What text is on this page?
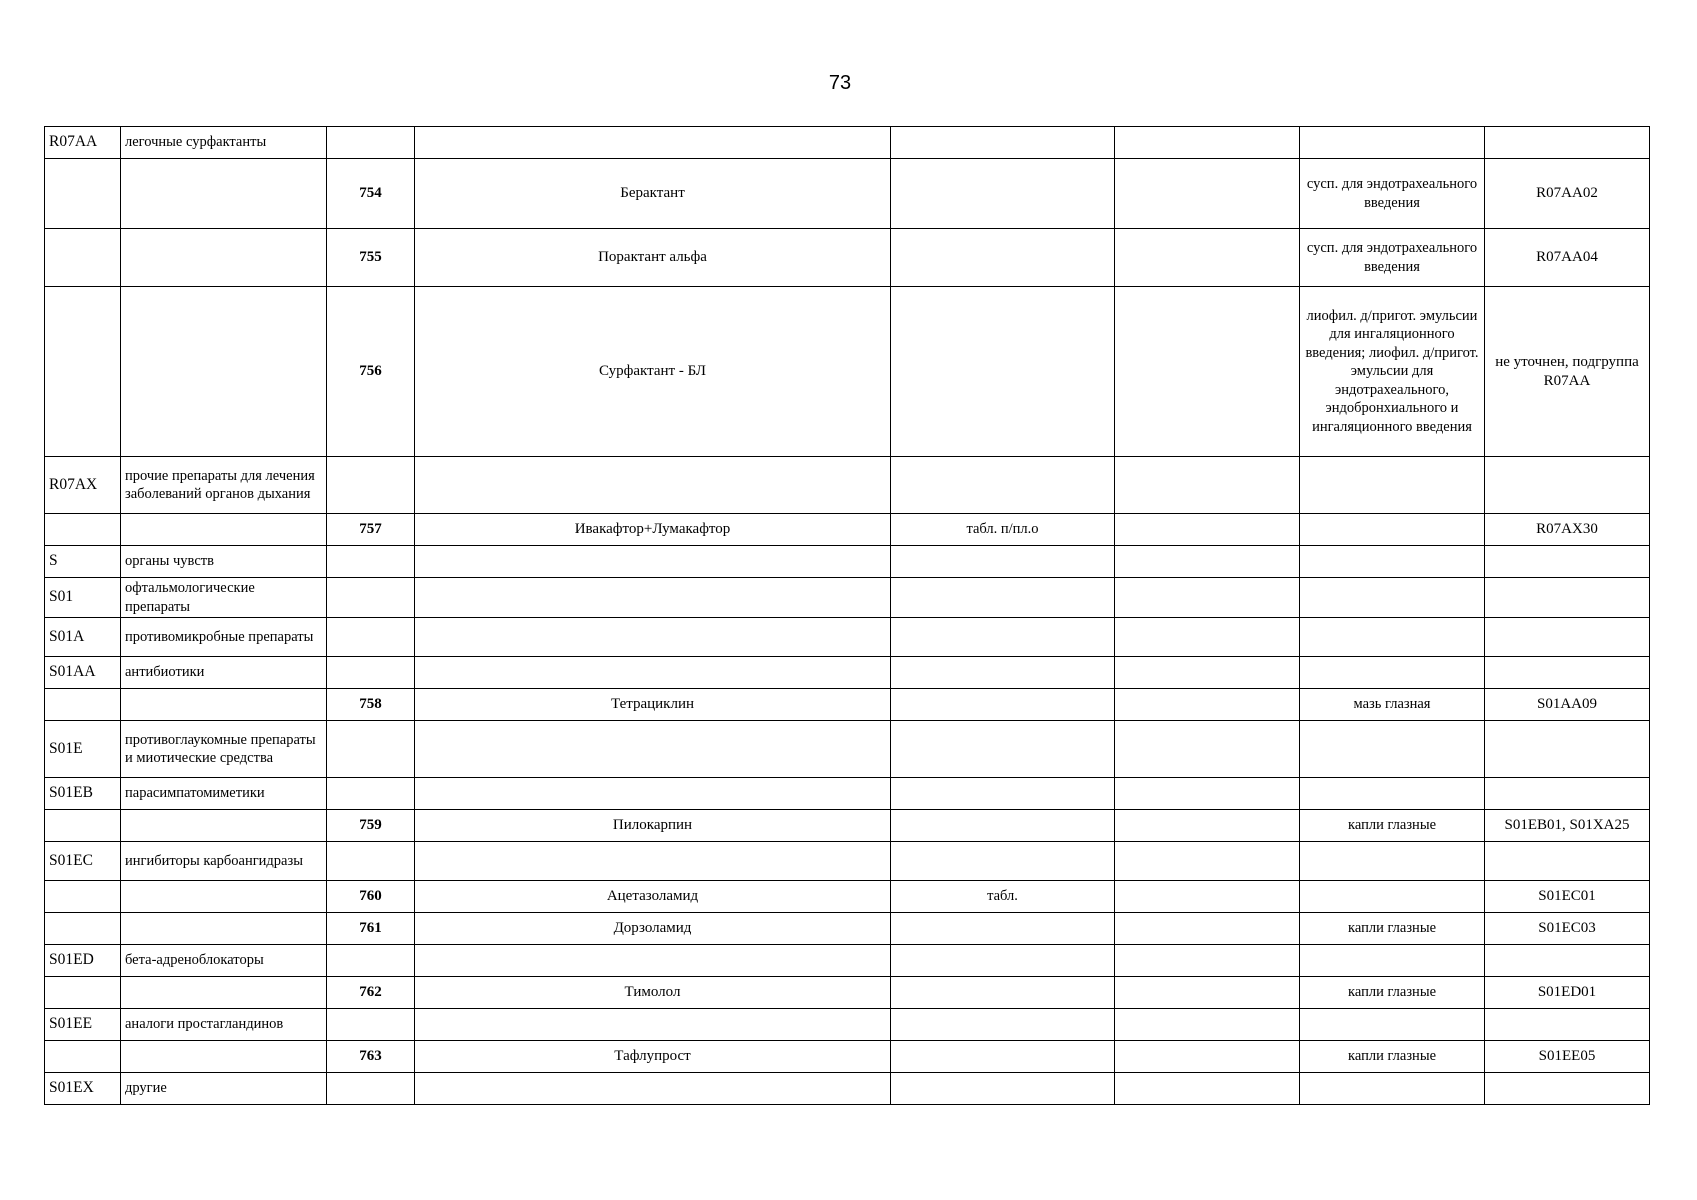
73
R07AA	легочные сурфактанты						
		754	Берактант			сусп. для эндотрахеального введения	R07AA02
		755	Порактант альфа			сусп. для эндотрахеального введения	R07AA04
		756	Сурфактант - БЛ			лиофил. д/пригот. эмульсии для ингаляционного введения; лиофил. д/пригот. эмульсии для эндотрахеального, эндобронхиального и ингаляционного введения	не уточнен, подгруппа R07AA
R07AX	прочие препараты для лечения заболеваний органов дыхания						
		757	Ивакафтор+Лумакафтор	табл. п/пл.о			R07AX30
S	органы чувств						
S01	офтальмологические препараты						
S01A	противомикробные препараты						
S01AA	антибиотики						
		758	Тетрациклин			мазь глазная	S01AA09
S01E	противоглаукомные препараты и миотические средства						
S01EB	парасимпатомиметики						
		759	Пилокарпин			капли глазные	S01EB01, S01XA25
S01EC	ингибиторы карбоангидразы						
		760	Ацетазоламид	табл.			S01EC01
		761	Дорзоламид			капли глазные	S01EC03
S01ED	бета-адреноблокаторы						
		762	Тимолол			капли глазные	S01ED01
S01EE	аналоги простагландинов						
		763	Тафлупрост			капли глазные	S01EE05
S01EX	другие						
